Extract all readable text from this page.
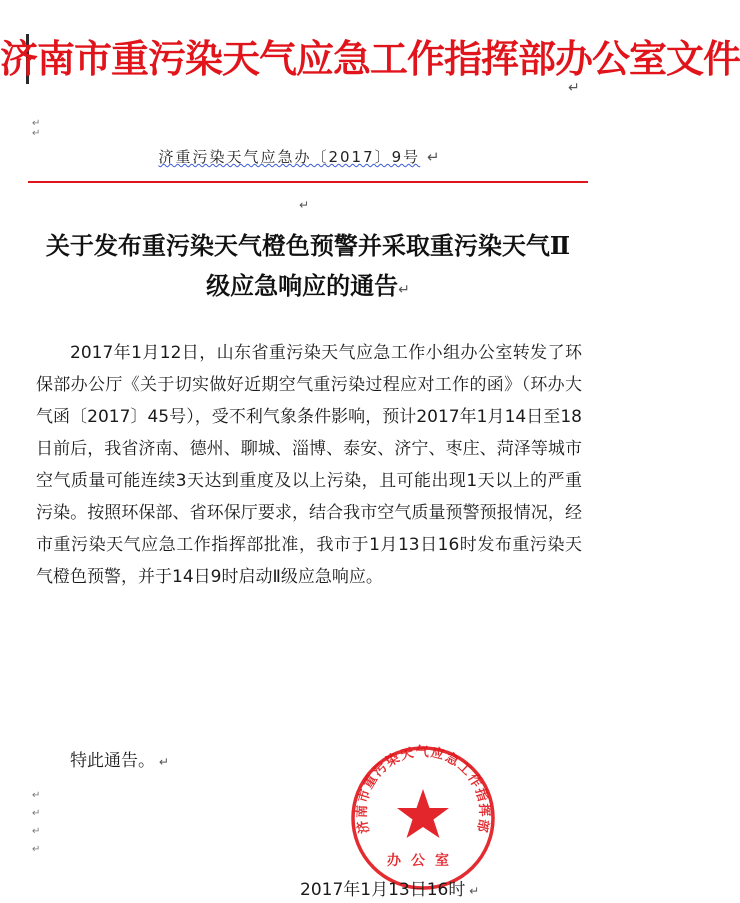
济南市重污染天气应急工作指挥部办公室文件
↵
↵
↵
济重污染天气应急办〔2017〕9号 ↵
↵
关于发布重污染天气橙色预警并采取重污染天气Ⅱ级应急响应的通告↵

2017年1月12日，山东省重污染天气应急工作小组办公室转发了环保部办公厅《关于切实做好近期空气重污染过程应对工作的函》（环办大气函〔2017〕45号），受不利气象条件影响，预计2017年1月14日至18日前后，我省济南、德州、聊城、淄博、泰安、济宁、枣庄、菏泽等城市空气质量可能连续3天达到重度及以上污染，且可能出现1天以上的严重污染。按照环保部、省环保厅要求，结合我市空气质量预警预报情况，经市重污染天气应急工作指挥部批准，我市于1月13日16时发布重污染天气橙色预警，并于14日9时启动Ⅱ级应急响应。

特此通告。 ↵
↵
↵
↵
↵
济南市重污染天气应急工作指挥部
办公室
2017年1月13日16时 ↵
